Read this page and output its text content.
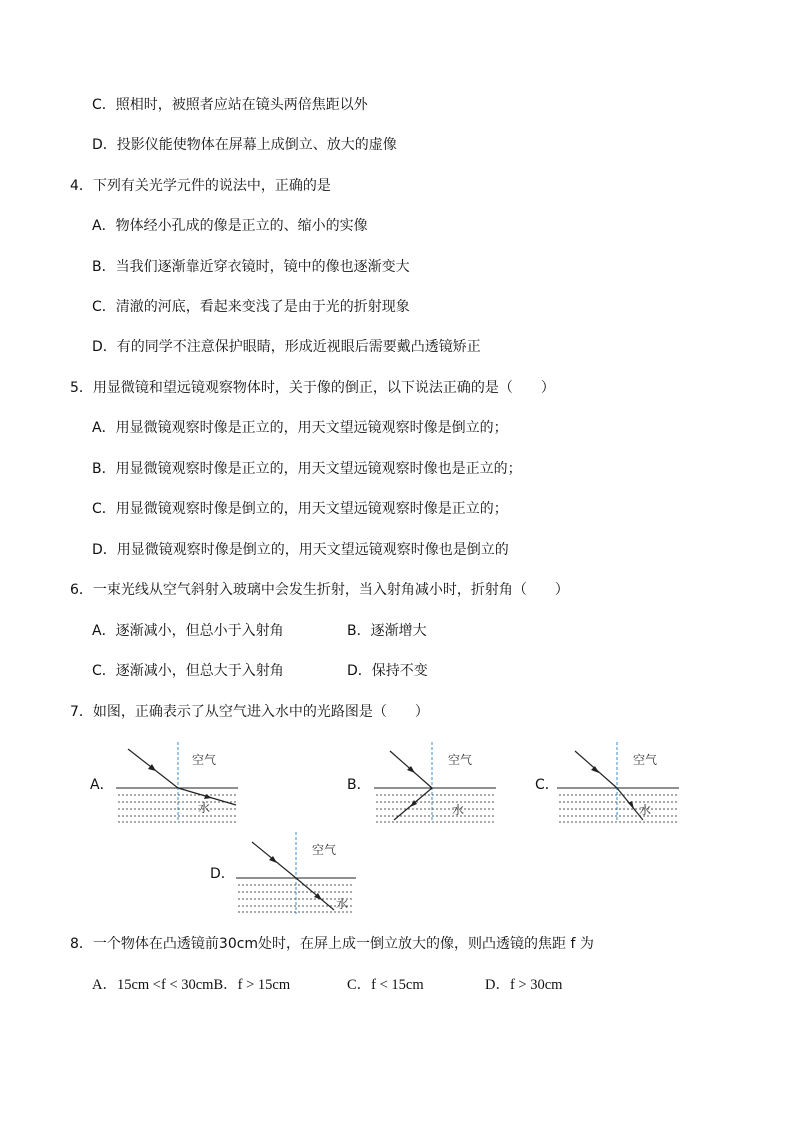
C．照相时，被照者应站在镜头两倍焦距以外
D．投影仪能使物体在屏幕上成倒立、放大的虚像
4．下列有关光学元件的说法中，正确的是
A．物体经小孔成的像是正立的、缩小的实像
B．当我们逐渐靠近穿衣镜时，镜中的像也逐渐变大
C．清澈的河底，看起来变浅了是由于光的折射现象
D．有的同学不注意保护眼睛，形成近视眼后需要戴凸透镜矫正
5．用显微镜和望远镜观察物体时，关于像的倒正，以下说法正确的是（　　）
A．用显微镜观察时像是正立的，用天文望远镜观察时像是倒立的；
B．用显微镜观察时像是正立的，用天文望远镜观察时像也是正立的；
C．用显微镜观察时像是倒立的，用天文望远镜观察时像是正立的；
D．用显微镜观察时像是倒立的，用天文望远镜观察时像也是倒立的
6．一束光线从空气斜射入玻璃中会发生折射，当入射角减小时，折射角（　　）
A．逐渐减小，但总小于入射角	B．逐渐增大
C．逐渐减小，但总大于入射角	D．保持不变
7．如图，正确表示了从空气进入水中的光路图是（　　）
A．
空气
水
B．
空气
水
C．
空气
水
D．
空气
水
8．一个物体在凸透镜前30cm处时，在屏上成一倒立放大的像，则凸透镜的焦距 f 为
A．15cm <f < 30cmB．f > 15cm	C．f < 15cm	D．f > 30cm
